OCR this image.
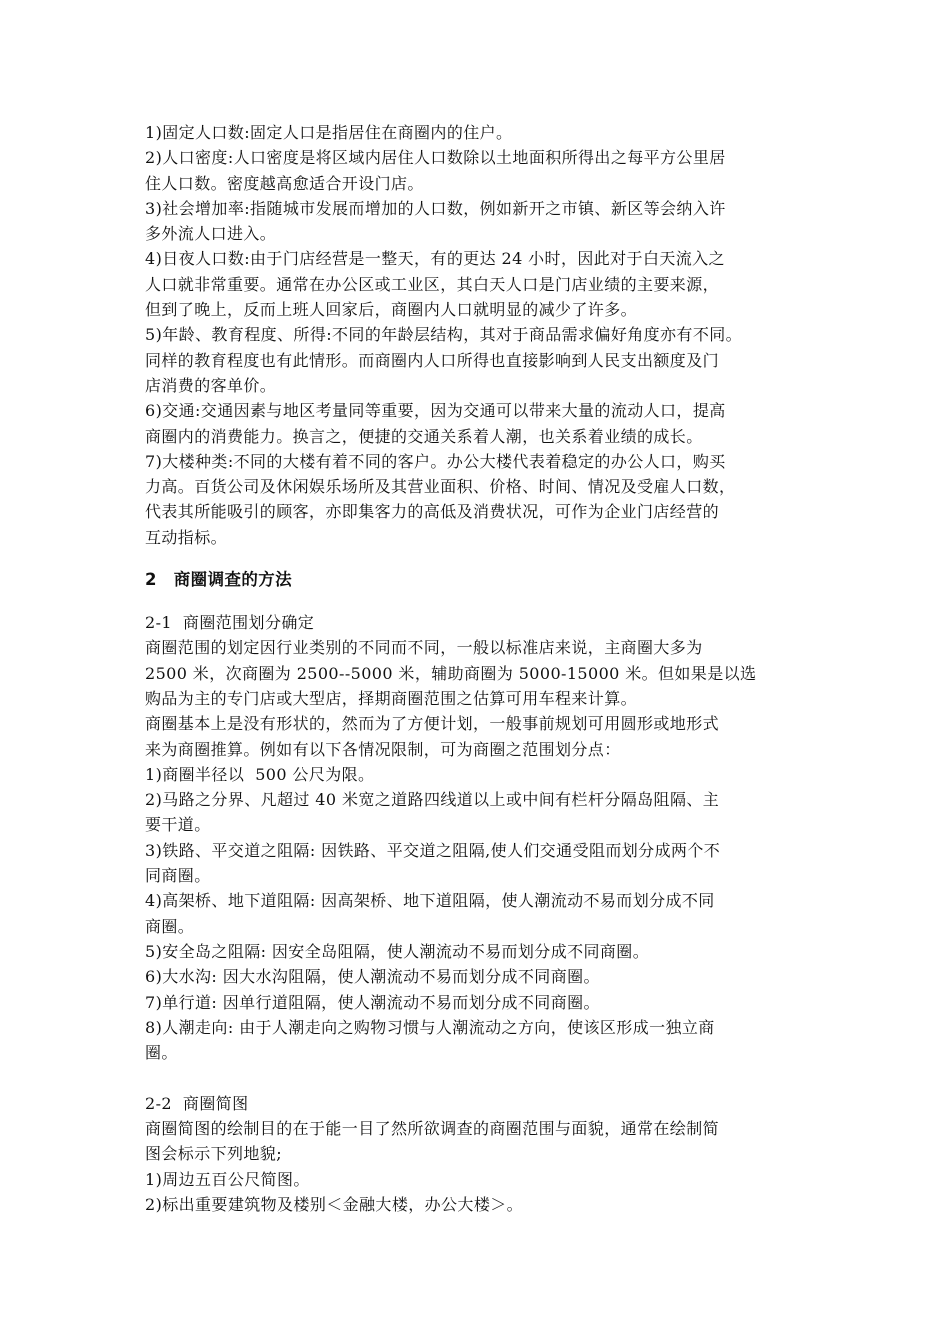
1)固定人口数:固定人口是指居住在商圈内的住户。
2)人口密度:人口密度是将区域内居住人口数除以土地面积所得出之每平方公里居
住人口数。密度越高愈适合开设门店。
3)社会增加率:指随城市发展而增加的人口数，例如新开之市镇、新区等会纳入许
多外流人口进入。
4)日夜人口数:由于门店经营是一整天，有的更达 24 小时，因此对于白天流入之
人口就非常重要。通常在办公区或工业区，其白天人口是门店业绩的主要来源，
但到了晚上，反而上班人回家后，商圈内人口就明显的减少了许多。
5)年龄、教育程度、所得:不同的年龄层结构，其对于商品需求偏好角度亦有不同。
同样的教育程度也有此情形。而商圈内人口所得也直接影响到人民支出额度及门
店消费的客单价。
6)交通:交通因素与地区考量同等重要，因为交通可以带来大量的流动人口，提高
商圈内的消费能力。换言之，便捷的交通关系着人潮，也关系着业绩的成长。
7)大楼种类:不同的大楼有着不同的客户。办公大楼代表着稳定的办公人口，购买
力高。百货公司及休闲娱乐场所及其营业面积、价格、时间、情况及受雇人口数，
代表其所能吸引的顾客，亦即集客力的高低及消费状况，可作为企业门店经营的
互动指标。
2　商圈调查的方法
2-1  商圈范围划分确定
商圈范围的划定因行业类别的不同而不同，一般以标准店来说，主商圈大多为
2500 米，次商圈为 2500--5000 米，辅助商圈为 5000-15000 米。但如果是以选
购品为主的专门店或大型店，择期商圈范围之估算可用车程来计算。
商圈基本上是没有形状的，然而为了方便计划，一般事前规划可用圆形或地形式
来为商圈推算。例如有以下各情况限制，可为商圈之范围划分点：
1)商圈半径以  500 公尺为限。
2)马路之分界、凡超过 40 米宽之道路四线道以上或中间有栏杆分隔岛阻隔、主
要干道。
3)铁路、平交道之阻隔: 因铁路、平交道之阻隔,使人们交通受阻而划分成两个不
同商圈。
4)高架桥、地下道阻隔: 因高架桥、地下道阻隔，使人潮流动不易而划分成不同
商圈。
5)安全岛之阻隔: 因安全岛阻隔，使人潮流动不易而划分成不同商圈。
6)大水沟: 因大水沟阻隔，使人潮流动不易而划分成不同商圈。
7)单行道: 因单行道阻隔，使人潮流动不易而划分成不同商圈。
8)人潮走向: 由于人潮走向之购物习惯与人潮流动之方向，使该区形成一独立商
圈。
2-2  商圈简图
商圈简图的绘制目的在于能一目了然所欲调查的商圈范围与面貌，通常在绘制简
图会标示下列地貌;
1)周边五百公尺简图。
2)标出重要建筑物及楼别＜金融大楼，办公大楼＞。
